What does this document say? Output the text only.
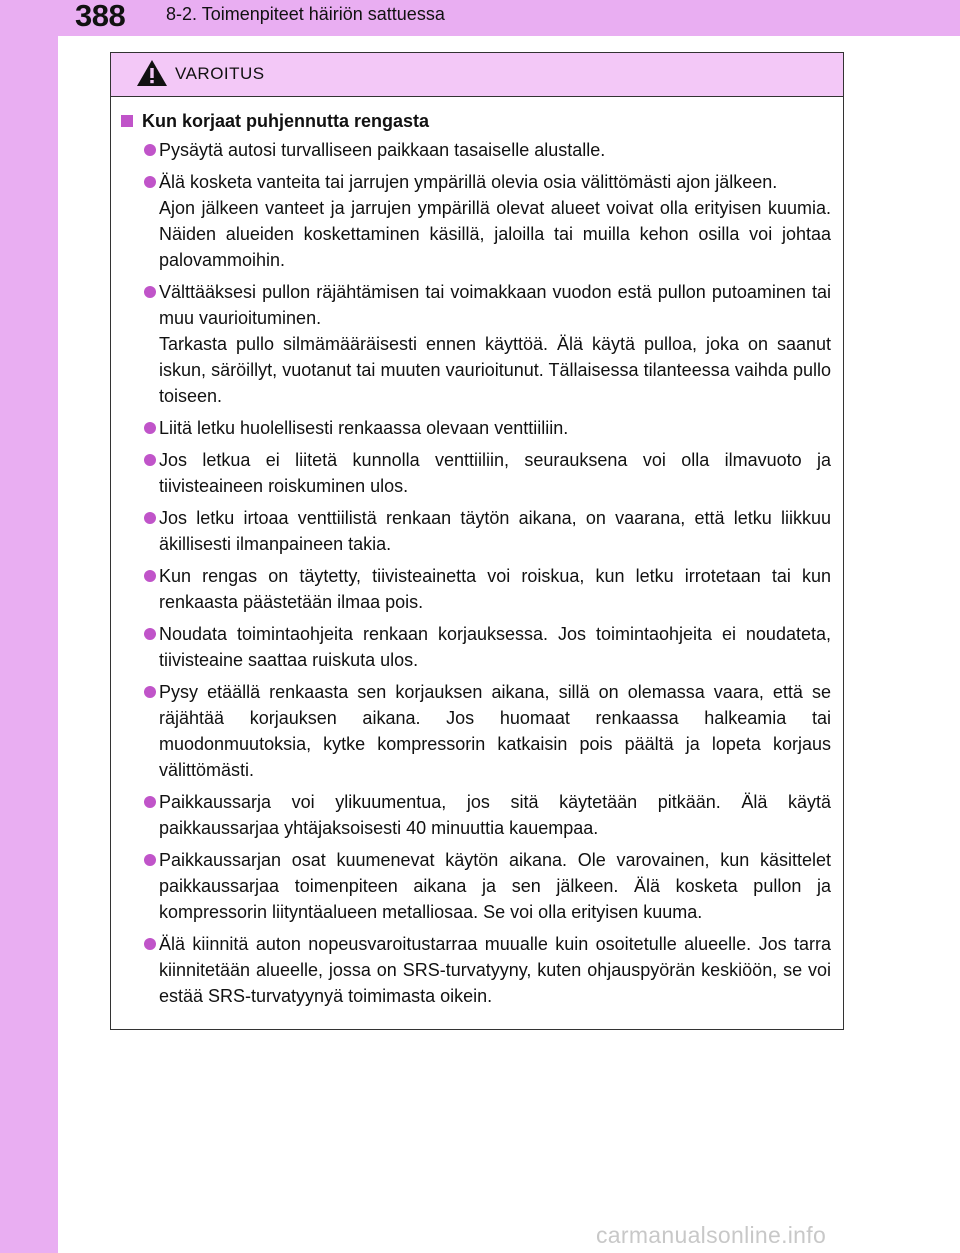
388 8-2. Toimenpiteet häiriön sattuessa
VAROITUS
Kun korjaat puhjennutta rengasta
Pysäytä autosi turvalliseen paikkaan tasaiselle alustalle.
Älä kosketa vanteita tai jarrujen ympärillä olevia osia välittömästi ajon jälkeen.
Ajon jälkeen vanteet ja jarrujen ympärillä olevat alueet voivat olla erityisen kuumia. Näiden alueiden koskettaminen käsillä, jaloilla tai muilla kehon osilla voi johtaa palovammoihin.
Välttääksesi pullon räjähtämisen tai voimakkaan vuodon estä pullon putoaminen tai muu vaurioituminen.
Tarkasta pullo silmämääräisesti ennen käyttöä. Älä käytä pulloa, joka on saanut iskun, säröillyt, vuotanut tai muuten vaurioitunut. Tällaisessa tilanteessa vaihda pullo toiseen.
Liitä letku huolellisesti renkaassa olevaan venttiiliin.
Jos letkua ei liitetä kunnolla venttiiliin, seurauksena voi olla ilmavuoto ja tiivisteaineen roiskuminen ulos.
Jos letku irtoaa venttiilistä renkaan täytön aikana, on vaarana, että letku liikkuu äkillisesti ilmanpaineen takia.
Kun rengas on täytetty, tiivisteainetta voi roiskua, kun letku irrotetaan tai kun renkaasta päästetään ilmaa pois.
Noudata toimintaohjeita renkaan korjauksessa. Jos toimintaohjeita ei noudateta, tiivisteaine saattaa ruiskuta ulos.
Pysy etäällä renkaasta sen korjauksen aikana, sillä on olemassa vaara, että se räjähtää korjauksen aikana. Jos huomaat renkaassa halkeamia tai muodonmuutoksia, kytke kompressorin katkaisin pois päältä ja lopeta korjaus välittömästi.
Paikkaussarja voi ylikuumentua, jos sitä käytetään pitkään. Älä käytä paikkaussarjaa yhtäjaksoisesti 40 minuuttia kauempaa.
Paikkaussarjan osat kuumenevat käytön aikana. Ole varovainen, kun käsittelet paikkaussarjaa toimenpiteen aikana ja sen jälkeen. Älä kosketa pullon ja kompressorin liityntäalueen metalliosaa. Se voi olla erityisen kuuma.
Älä kiinnitä auton nopeusvaroitustarraa muualle kuin osoitetulle alueelle. Jos tarra kiinnitetään alueelle, jossa on SRS-turvatyyny, kuten ohjauspyörän keskiöön, se voi estää SRS-turvatyynyä toimimasta oikein.
carmanualsonline.info
